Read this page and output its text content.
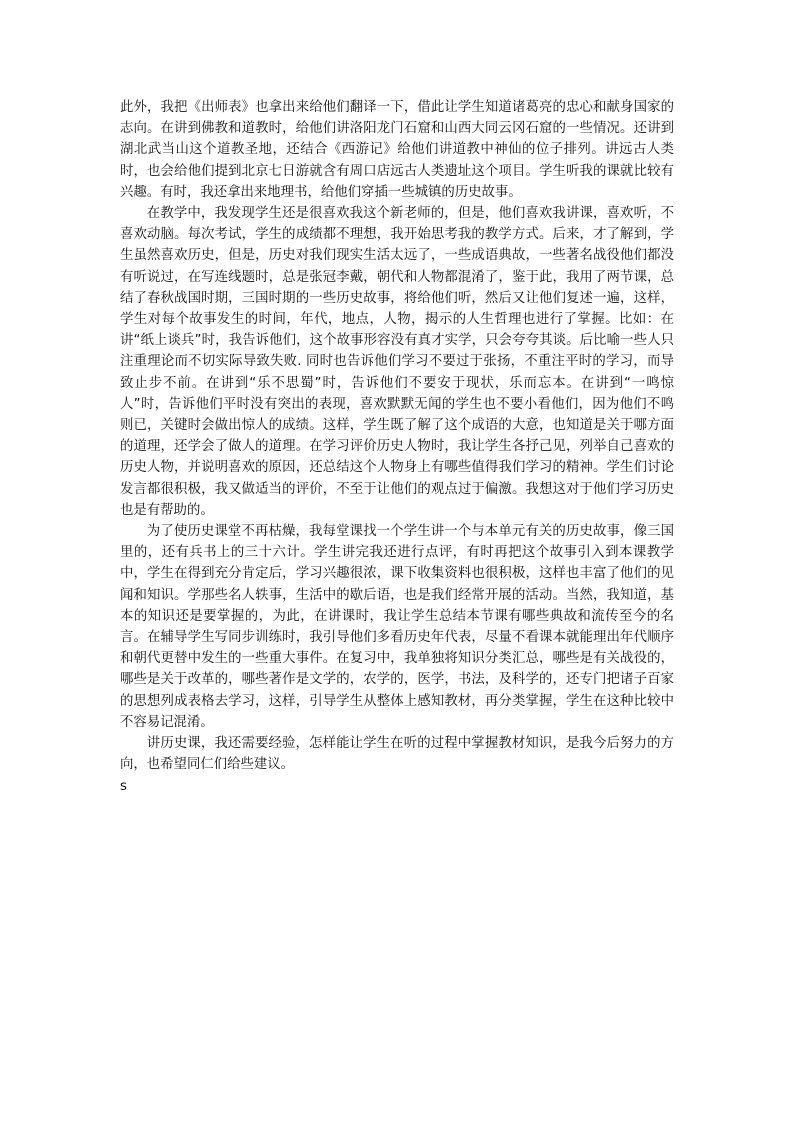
此外，我把《出师表》也拿出来给他们翻译一下，借此让学生知道诸葛亮的忠心和献身国家的志向。在讲到佛教和道教时，给他们讲洛阳龙门石窟和山西大同云冈石窟的一些情况。还讲到湖北武当山这个道教圣地，还结合《西游记》给他们讲道教中神仙的位子排列。讲远古人类时，也会给他们提到北京七日游就含有周口店远古人类遗址这个项目。学生听我的课就比较有兴趣。有时，我还拿出来地理书，给他们穿插一些城镇的历史故事。

在教学中，我发现学生还是很喜欢我这个新老师的，但是，他们喜欢我讲课，喜欢听，不喜欢动脑。每次考试，学生的成绩都不理想，我开始思考我的教学方式。后来，才了解到，学生虽然喜欢历史，但是，历史对我们现实生活太远了，一些成语典故，一些著名战役他们都没有听说过，在写连线题时，总是张冠李戴，朝代和人物都混淆了，鉴于此，我用了两节课，总结了春秋战国时期，三国时期的一些历史故事，将给他们听，然后又让他们复述一遍，这样，学生对每个故事发生的时间，年代，地点，人物，揭示的人生哲理也进行了掌握。比如：在讲“纸上谈兵”时，我告诉他们，这个故事形容没有真才实学，只会夸夸其谈。后比喻一些人只注重理论而不切实际导致失败. 同时也告诉他们学习不要过于张扬，不重注平时的学习，而导致止步不前。在讲到“乐不思蜀”时，告诉他们不要安于现状，乐而忘本。在讲到“一鸣惊人”时，告诉他们平时没有突出的表现，喜欢默默无闻的学生也不要小看他们，因为他们不鸣则已，关键时会做出惊人的成绩。这样，学生既了解了这个成语的大意，也知道是关于哪方面的道理，还学会了做人的道理。在学习评价历史人物时，我让学生各抒己见，列举自己喜欢的历史人物，并说明喜欢的原因，还总结这个人物身上有哪些值得我们学习的精神。学生们讨论发言都很积极，我又做适当的评价，不至于让他们的观点过于偏激。我想这对于他们学习历史也是有帮助的。

为了使历史课堂不再枯燥，我每堂课找一个学生讲一个与本单元有关的历史故事，像三国里的，还有兵书上的三十六计。学生讲完我还进行点评，有时再把这个故事引入到本课教学中，学生在得到充分肯定后，学习兴趣很浓，课下收集资料也很积极，这样也丰富了他们的见闻和知识。学那些名人轶事，生活中的歇后语，也是我们经常开展的活动。当然，我知道，基本的知识还是要掌握的，为此，在讲课时，我让学生总结本节课有哪些典故和流传至今的名言。在辅导学生写同步训练时，我引导他们多看历史年代表，尽量不看课本就能理出年代顺序和朝代更替中发生的一些重大事件。在复习中，我单独将知识分类汇总，哪些是有关战役的，哪些是关于改革的，哪些著作是文学的，农学的，医学，书法，及科学的，还专门把诸子百家的思想列成表格去学习，这样，引导学生从整体上感知教材，再分类掌握，学生在这种比较中不容易记混淆。

讲历史课，我还需要经验，怎样能让学生在听的过程中掌握教材知识，是我今后努力的方向，也希望同仁们给些建议。

s
